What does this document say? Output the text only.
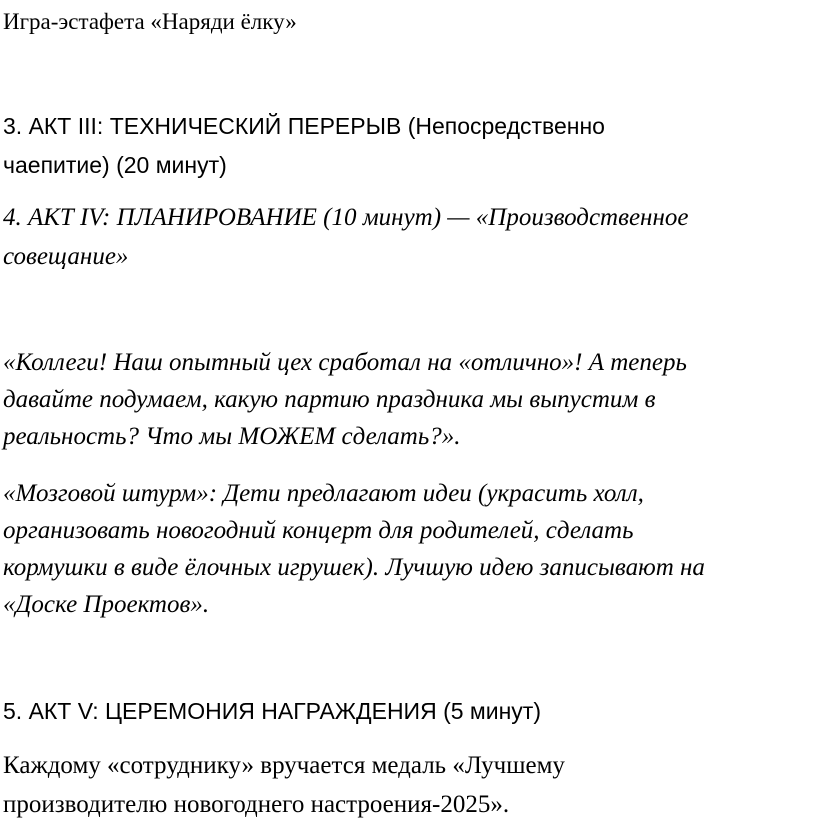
Игра-эстафета «Наряди ёлку»

3. АКТ III: ТЕХНИЧЕСКИЙ ПЕРЕРЫВ (Непосредственно
чаепитие) (20 минут)

4. АКТ IV: ПЛАНИРОВАНИЕ (10 минут) — «Производственное
совещание»

«Коллеги! Наш опытный цех сработал на «отлично»! А теперь
давайте подумаем, какую партию праздника мы выпустим в
реальность? Что мы МОЖЕМ сделать?».

«Мозговой штурм»: Дети предлагают идеи (украсить холл,
организовать новогодний концерт для родителей, сделать
кормушки в виде ёлочных игрушек). Лучшую идею записывают на
«Доске Проектов».

5. АКТ V: ЦЕРЕМОНИЯ НАГРАЖДЕНИЯ (5 минут)

Каждому «сотруднику» вручается медаль «Лучшему
производителю новогоднего настроения-2025».
